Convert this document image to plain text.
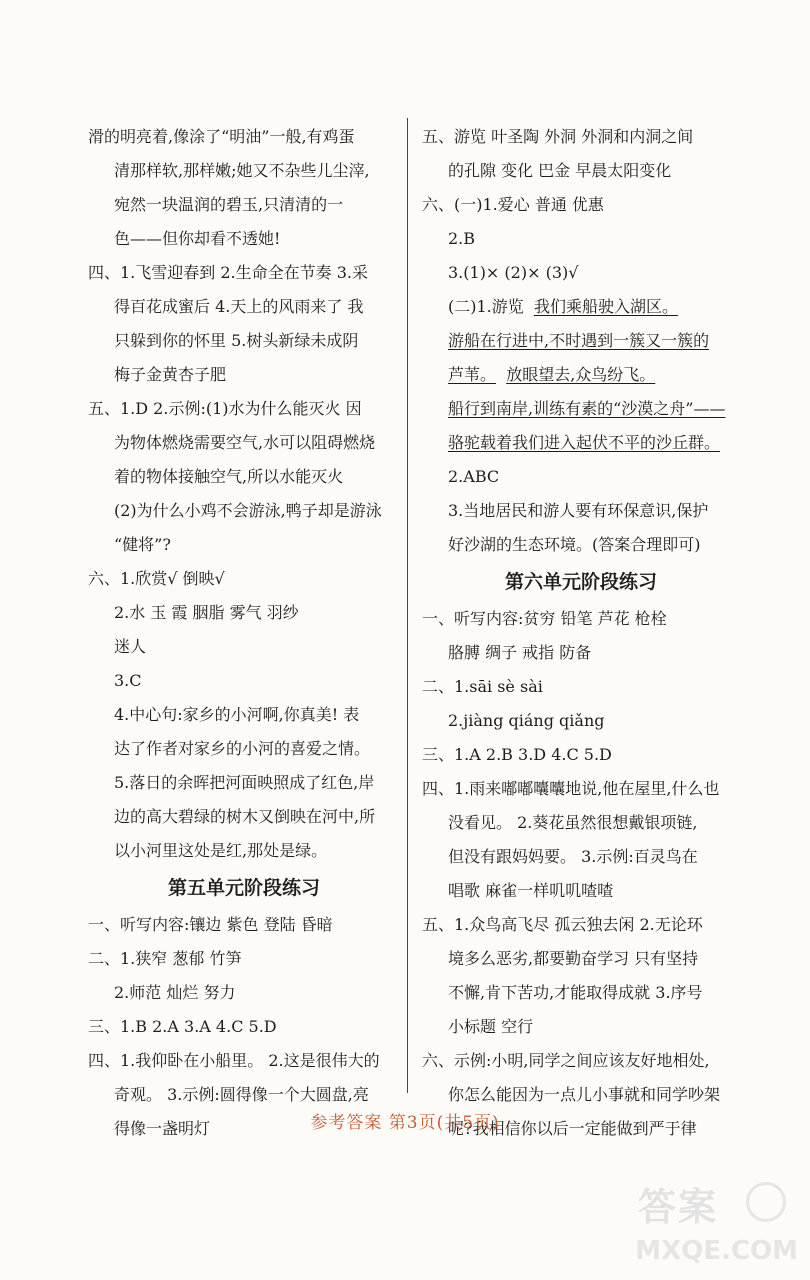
滑的明亮着,像涂了“明油”一般,有鸡蛋
清那样软,那样嫩;她又不杂些儿尘滓,
宛然一块温润的碧玉,只清清的一
色——但你却看不透她!
四、1.飞雪迎春到 2.生命全在节奏 3.采
得百花成蜜后 4.天上的风雨来了 我
只躲到你的怀里 5.树头新绿未成阴
梅子金黄杏子肥
五、1.D 2.示例:(1)水为什么能灭火 因
为物体燃烧需要空气,水可以阻碍燃烧
着的物体接触空气,所以水能灭火
(2)为什么小鸡不会游泳,鸭子却是游泳
“健将”?
六、1.欣赏√ 倒映√
2.水 玉 霞 胭脂 雾气 羽纱
迷人
3.C
4.中心句:家乡的小河啊,你真美! 表
达了作者对家乡的小河的喜爱之情。
5.落日的余晖把河面映照成了红色,岸
边的高大碧绿的树木又倒映在河中,所
以小河里这处是红,那处是绿。
第五单元阶段练习
一、听写内容:镶边 紫色 登陆 昏暗
二、1.狭窄 葱郁 竹笋
2.师范 灿烂 努力
三、1.B 2.A 3.A 4.C 5.D
四、1.我仰卧在小船里。 2.这是很伟大的
奇观。 3.示例:圆得像一个大圆盘,亮
得像一盏明灯
五、游览 叶圣陶 外洞 外洞和内洞之间
的孔隙 变化 巴金 早晨太阳变化
六、(一)1.爱心 普通 优惠
2.B
3.(1)× (2)× (3)√
(二)1.游览 我们乘船驶入湖区。
游船在行进中,不时遇到一簇又一簇的
芦苇。 放眼望去,众鸟纷飞。
船行到南岸,训练有素的“沙漠之舟”——
骆驼载着我们进入起伏不平的沙丘群。
2.ABC
3.当地居民和游人要有环保意识,保护
好沙湖的生态环境。(答案合理即可)
第六单元阶段练习
一、听写内容:贫穷 铅笔 芦花 枪栓
胳膊 绸子 戒指 防备
二、1.sāi sè sài
2.jiàng qiáng qiǎng
三、1.A 2.B 3.D 4.C 5.D
四、1.雨来嘟嘟囔囔地说,他在屋里,什么也
没看见。 2.葵花虽然很想戴银项链,
但没有跟妈妈要。 3.示例:百灵鸟在
唱歌 麻雀一样叽叽喳喳
五、1.众鸟高飞尽 孤云独去闲 2.无论环
境多么恶劣,都要勤奋学习 只有坚持
不懈,肯下苦功,才能取得成就 3.序号
小标题 空行
六、示例:小明,同学之间应该友好地相处,
你怎么能因为一点儿小事就和同学吵架
呢?我相信你以后一定能做到严于律
参考答案 第3页(共5页)
答案
MXQE.COM
